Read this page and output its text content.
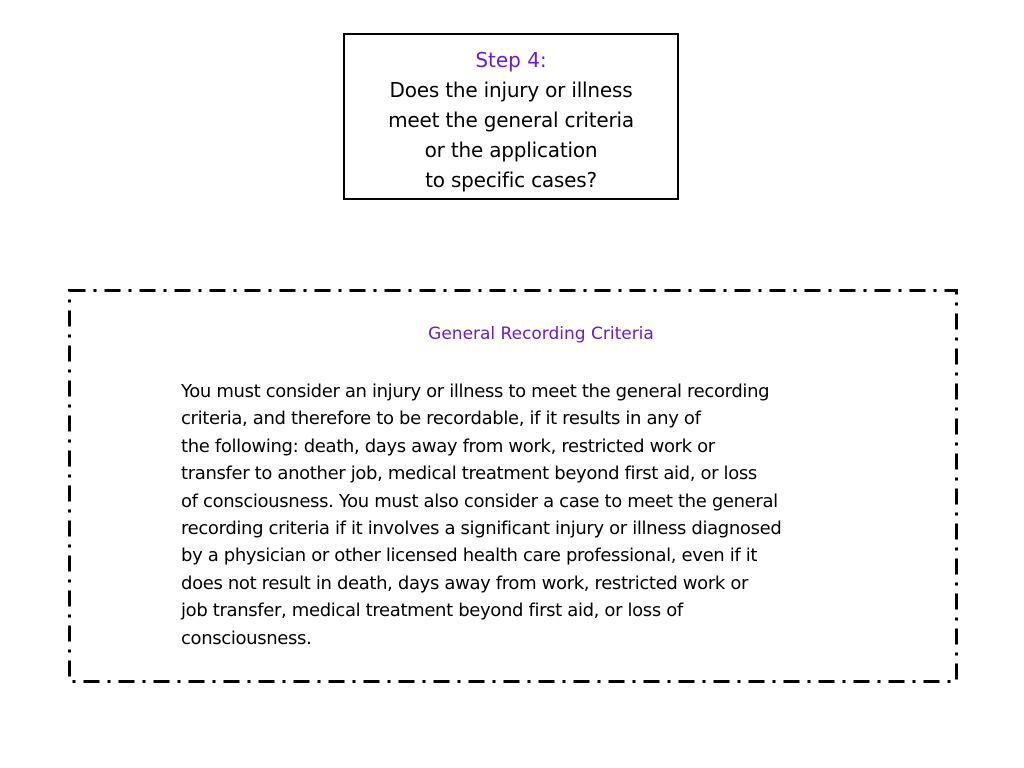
Step 4:
Does the injury or illness
meet the general criteria
or the application
to specific cases?
General Recording Criteria
You must consider an injury or illness to meet the general recording
criteria, and therefore to be recordable, if it results in any of
the following: death, days away from work, restricted work or
transfer to another job, medical treatment beyond first aid, or loss
of consciousness. You must also consider a case to meet the general
recording criteria if it involves a significant injury or illness diagnosed
by a physician or other licensed health care professional, even if it
does not result in death, days away from work, restricted work or
job transfer, medical treatment beyond first aid, or loss of
consciousness.
